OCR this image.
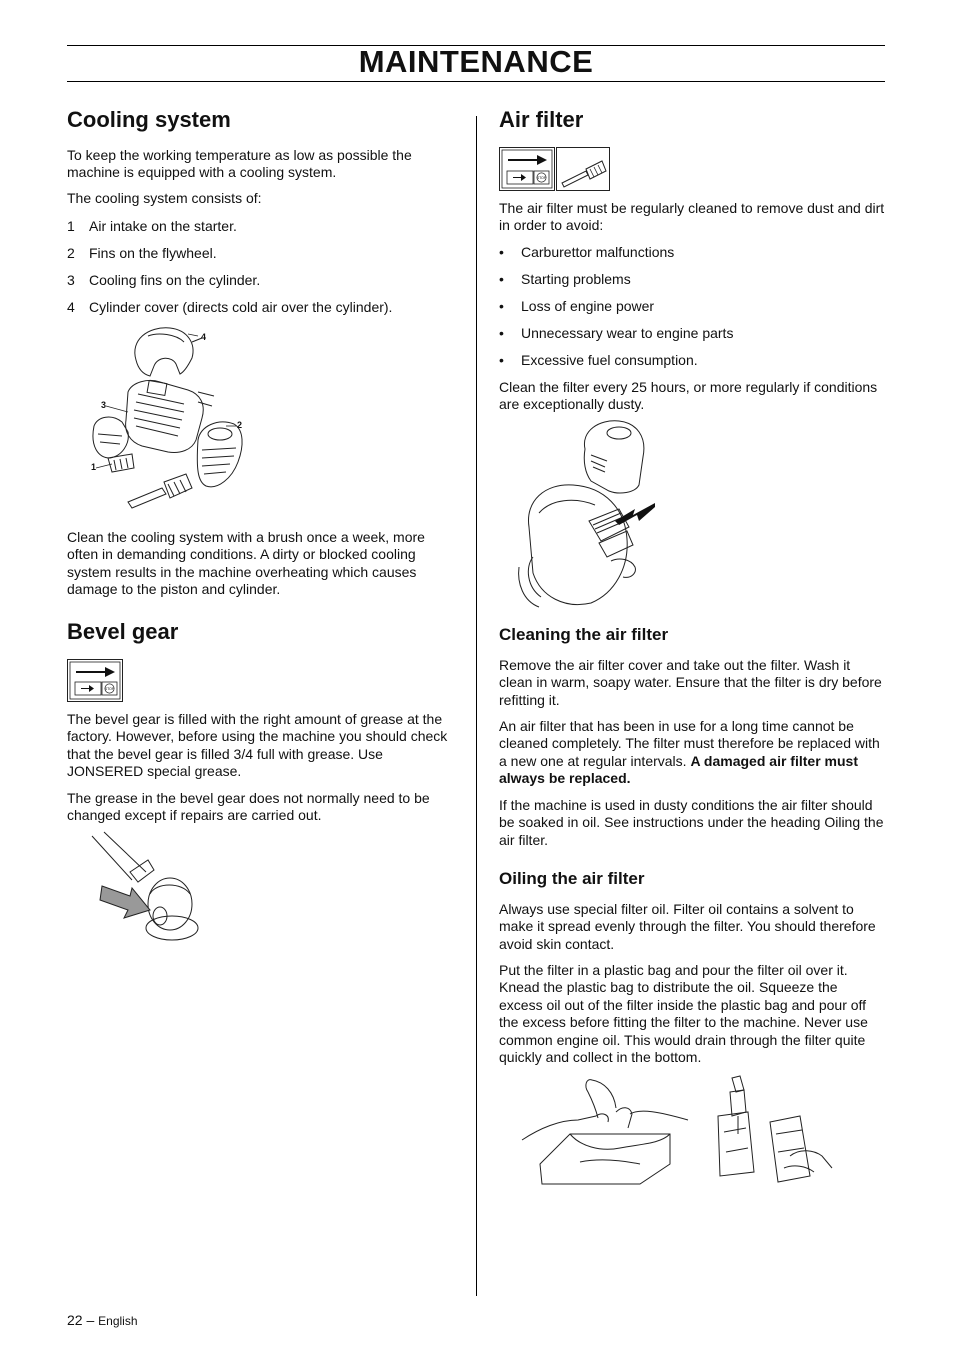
MAINTENANCE
Cooling system

To keep the working temperature as low as possible the machine is equipped with a cooling system.

The cooling system consists of:

1 Air intake on the starter.
2 Fins on the flywheel.
3 Cooling fins on the cylinder.
4 Cylinder cover (directs cold air over the cylinder).
4
3
2
1

Clean the cooling system with a brush once a week, more often in demanding conditions. A dirty or blocked cooling system results in the machine overheating which causes damage to the piston and cylinder.

Bevel gear
STOP

The bevel gear is filled with the right amount of grease at the factory. However, before using the machine you should check that the bevel gear is filled 3/4 full with grease. Use JONSERED special grease.

The grease in the bevel gear does not normally need to be changed except if repairs are carried out.

Air filter
STOP

The air filter must be regularly cleaned to remove dust and dirt in order to avoid:

• Carburettor malfunctions
• Starting problems
• Loss of engine power
• Unnecessary wear to engine parts
• Excessive fuel consumption.

Clean the filter every 25 hours, or more regularly if conditions are exceptionally dusty.

Cleaning the air filter

Remove the air filter cover and take out the filter. Wash it clean in warm, soapy water. Ensure that the filter is dry before refitting it.

An air filter that has been in use for a long time cannot be cleaned completely. The filter must therefore be replaced with a new one at regular intervals. A damaged air filter must always be replaced.

If the machine is used in dusty conditions the air filter should be soaked in oil. See instructions under the heading Oiling the air filter.

Oiling the air filter

Always use special filter oil. Filter oil contains a solvent to make it spread evenly through the filter. You should therefore avoid skin contact.

Put the filter in a plastic bag and pour the filter oil over it. Knead the plastic bag to distribute the oil. Squeeze the excess oil out of the filter inside the plastic bag and pour off the excess before fitting the filter to the machine. Never use common engine oil. This would drain through the filter quite quickly and collect in the bottom.

22 – English
